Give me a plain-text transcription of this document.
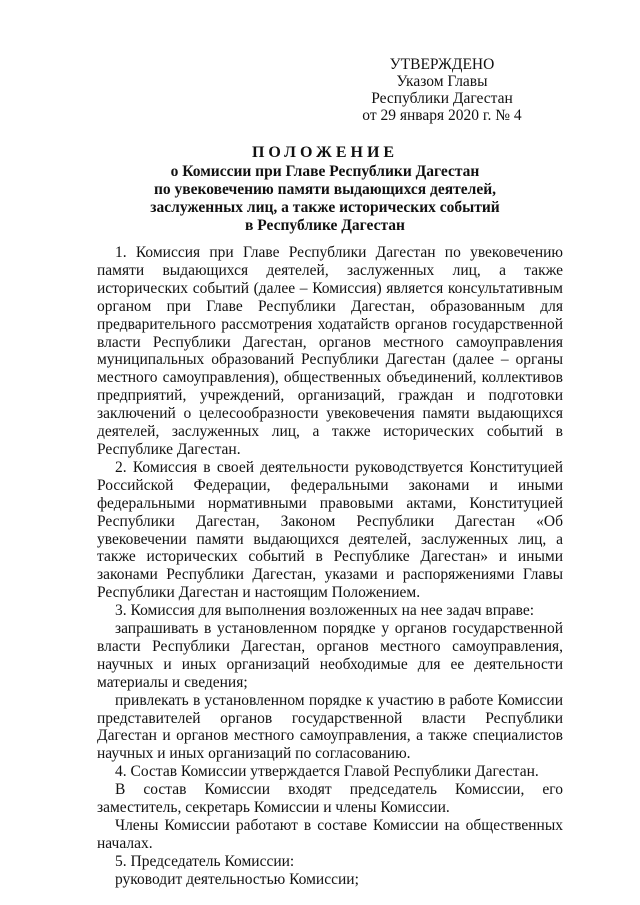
УТВЕРЖДЕНО
Указом Главы
Республики Дагестан
от 29 января 2020 г. № 4
ПОЛОЖЕНИЕ
о Комиссии при Главе Республики Дагестан
по увековечению памяти выдающихся деятелей,
заслуженных лиц, а также исторических событий
в Республике Дагестан

1. Комиссия при Главе Республики Дагестан по увековечению памяти выдающихся деятелей, заслуженных лиц, а также исторических событий (далее – Комиссия) является консультативным органом при Главе Республики Дагестан, образованным для предварительного рассмотрения ходатайств органов государственной власти Республики Дагестан, органов местного самоуправления муниципальных образований Республики Дагестан (далее – органы местного самоуправления), общественных объединений, коллективов предприятий, учреждений, организаций, граждан и подготовки заключений о целесообразности увековечения памяти выдающихся деятелей, заслуженных лиц, а также исторических событий в Республике Дагестан.

2. Комиссия в своей деятельности руководствуется Конституцией Российской Федерации, федеральными законами и иными федеральными нормативными правовыми актами, Конституцией Республики Дагестан, Законом Республики Дагестан «Об увековечении памяти выдающихся деятелей, заслуженных лиц, а также исторических событий в Республике Дагестан» и иными законами Республики Дагестан, указами и распоряжениями Главы Республики Дагестан и настоящим Положением.

3. Комиссия для выполнения возложенных на нее задач вправе:

запрашивать в установленном порядке у органов государственной власти Республики Дагестан, органов местного самоуправления, научных и иных организаций необходимые для ее деятельности материалы и сведения;

привлекать в установленном порядке к участию в работе Комиссии представителей органов государственной власти Республики Дагестан и органов местного самоуправления, а также специалистов научных и иных организаций по согласованию.

4. Состав Комиссии утверждается Главой Республики Дагестан.

В состав Комиссии входят председатель Комиссии, его заместитель, секретарь Комиссии и члены Комиссии.

Члены Комиссии работают в составе Комиссии на общественных началах.

5. Председатель Комиссии:

руководит деятельностью Комиссии;
